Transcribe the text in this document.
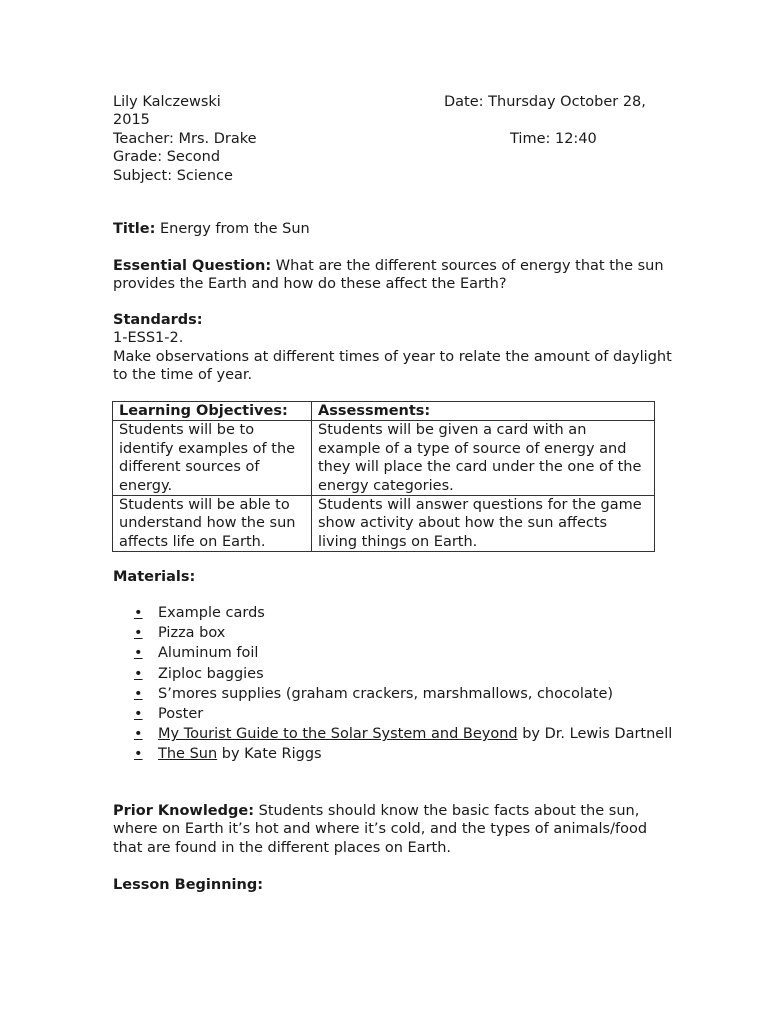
Lily Kalczewski	Date: Thursday October 28,
2015
Teacher: Mrs. Drake	Time: 12:40
Grade: Second
Subject: Science
Title: Energy from the Sun
Essential Question: What are the different sources of energy that the sun provides the Earth and how do these affect the Earth?
Standards:
1-ESS1-2.
Make observations at different times of year to relate the amount of daylight to the time of year.
Learning Objectives:	Assessments:
Students will be to identify examples of the different sources of energy.	Students will be given a card with an example of a type of source of energy and they will place the card under the one of the energy categories.
Students will be able to understand how the sun affects life on Earth.	Students will answer questions for the game show activity about how the sun affects living things on Earth.
Materials:
•	Example cards
•	Pizza box
•	Aluminum foil
•	Ziploc baggies
•	S’mores supplies (graham crackers, marshmallows, chocolate)
•	Poster
•	My Tourist Guide to the Solar System and Beyond by Dr. Lewis Dartnell
•	The Sun by Kate Riggs
Prior Knowledge: Students should know the basic facts about the sun, where on Earth it’s hot and where it’s cold, and the types of animals/food that are found in the different places on Earth.
Lesson Beginning:
